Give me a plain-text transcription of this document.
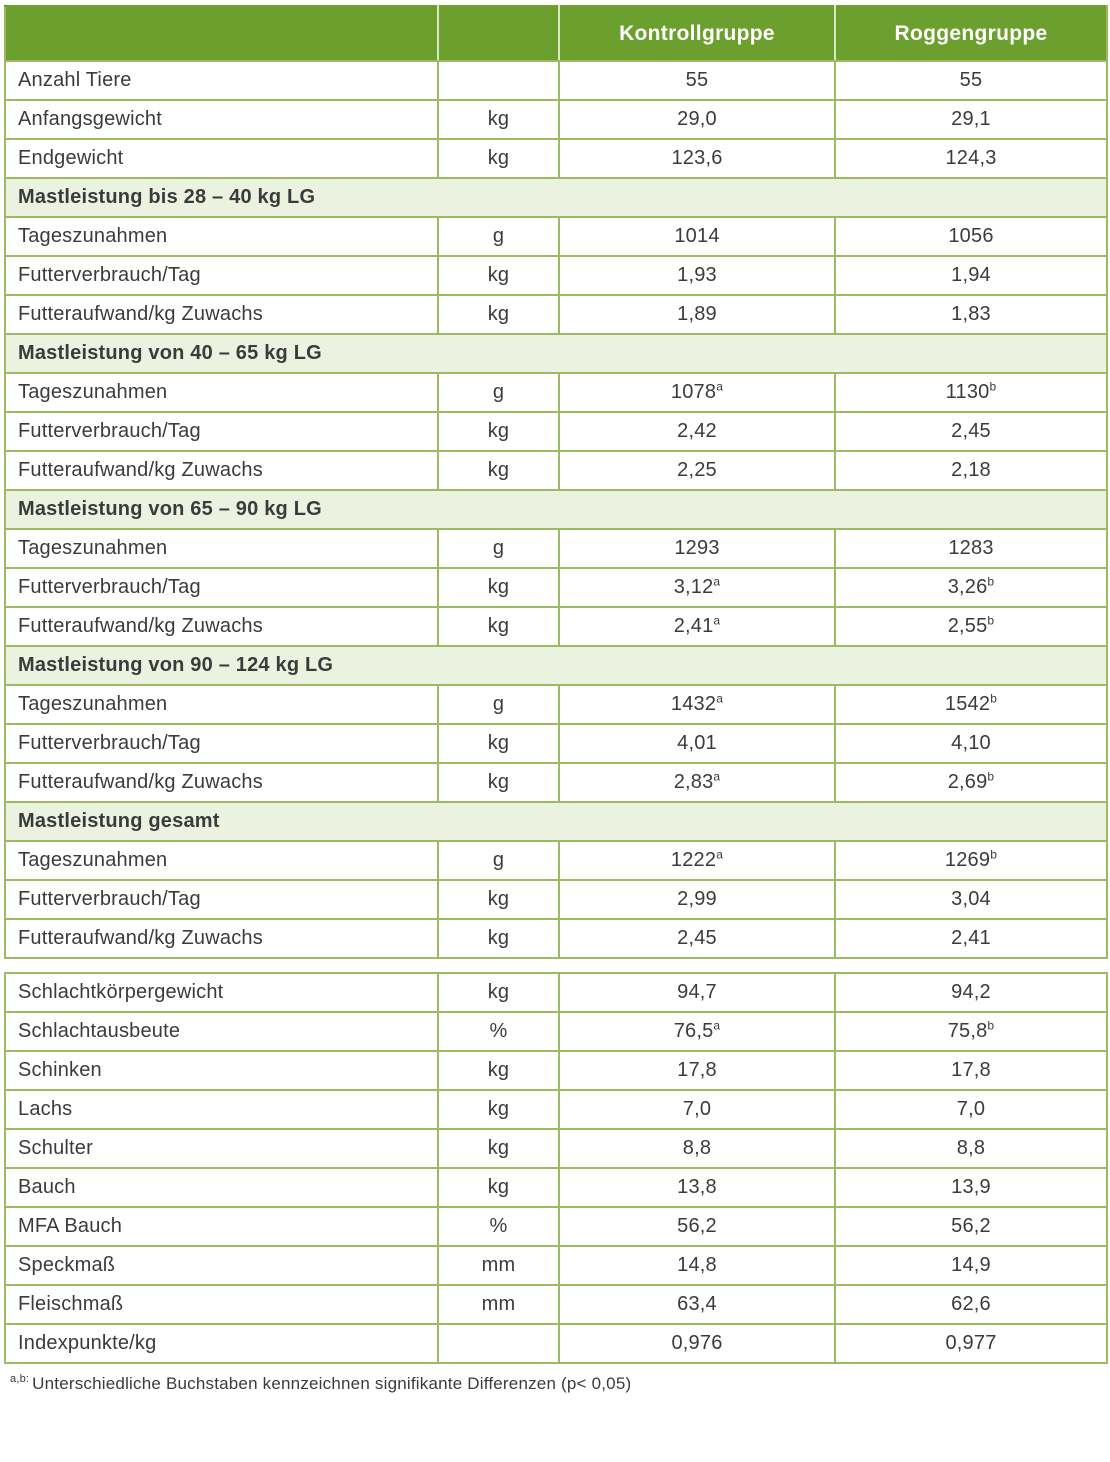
		Kontrollgruppe	Roggengruppe
Anzahl Tiere		55	55
Anfangsgewicht	kg	29,0	29,1
Endgewicht	kg	123,6	124,3
Mastleistung bis 28 – 40 kg LG			
Tageszunahmen	g	1014	1056
Futterverbrauch/Tag	kg	1,93	1,94
Futteraufwand/kg Zuwachs	kg	1,89	1,83
Mastleistung von 40 – 65 kg LG			
Tageszunahmen	g	1078$^a$	1130$^b$
Futterverbrauch/Tag	kg	2,42	2,45
Futteraufwand/kg Zuwachs	kg	2,25	2,18
Mastleistung von 65 – 90 kg LG			
Tageszunahmen	g	1293	1283
Futterverbrauch/Tag	kg	3,12$^a$	3,26$^b$
Futteraufwand/kg Zuwachs	kg	2,41$^a$	2,55$^b$
Mastleistung von 90 – 124 kg LG			
Tageszunahmen	g	1432$^a$	1542$^b$
Futterverbrauch/Tag	kg	4,01	4,10
Futteraufwand/kg Zuwachs	kg	2,83$^a$	2,69$^b$
Mastleistung gesamt			
Tageszunahmen	g	1222$^a$	1269$^b$
Futterverbrauch/Tag	kg	2,99	3,04
Futteraufwand/kg Zuwachs	kg	2,45	2,41
Schlachtkörpergewicht	kg	94,7	94,2
Schlachtausbeute	%	76,5$^a$	75,8$^b$
Schinken	kg	17,8	17,8
Lachs	kg	7,0	7,0
Schulter	kg	8,8	8,8
Bauch	kg	13,8	13,9
MFA Bauch	%	56,2	56,2
Speckmaß	mm	14,8	14,9
Fleischmaß	mm	63,4	62,6
Indexpunkte/kg		0,976	0,977
$^{a,b:}$ Unterschiedliche Buchstaben kennzeichnen signifikante Differenzen (p< 0,05)
